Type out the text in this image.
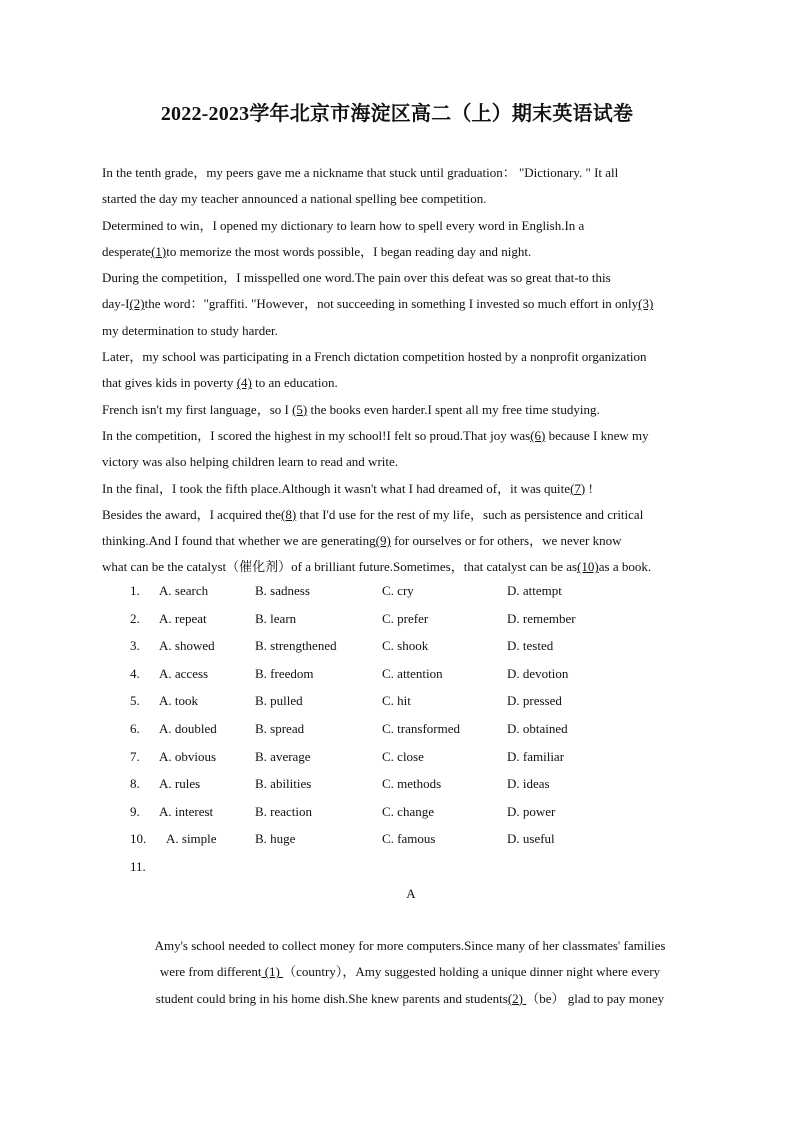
2022-2023学年北京市海淀区高二（上）期末英语试卷
In the tenth grade，my peers gave me a nickname that stuck until graduation： "Dictionary. " It all
started the day my teacher announced a national spelling bee competition.
Determined to win，I opened my dictionary to learn how to spell every word in English.In a
desperate(1)to memorize the most words possible，I began reading day and night.
During the competition，I misspelled one word.The pain over this defeat was so great that-to this
day-I(2)the word："graffiti. "However，not succeeding in something I invested so much effort in only(3)
my determination to study harder.
Later，my school was participating in a French dictation competition hosted by a nonprofit organization
that gives kids in poverty (4) to an education.
French isn't my first language，so I (5) the books even harder.I spent all my free time studying.
In the competition，I scored the highest in my school!I felt so proud.That joy was(6) because I knew my
victory was also helping children learn to read and write.
In the final，I took the fifth place.Although it wasn't what I had dreamed of，it was quite(7) !
Besides the award，I acquired the(8) that I'd use for the rest of my life，such as persistence and critical
thinking.And I found that whether we are generating(9) for ourselves or for others，we never know
what can be the catalyst（催化剂）of a brilliant future.Sometimes，that catalyst can be as(10)as a book.
1. A. search	B. sadness	C. cry	D. attempt
2. A. repeat	B. learn	C. prefer	D. remember
3. A. showed	B. strengthened	C. shook	D. tested
4. A. access	B. freedom	C. attention	D. devotion
5. A. took	B. pulled	C. hit	D. pressed
6. A. doubled	B. spread	C. transformed	D. obtained
7. A. obvious	B. average	C. close	D. familiar
8. A. rules	B. abilities	C. methods	D. ideas
9. A. interest	B. reaction	C. change	D. power
10. A. simple	B. huge	C. famous	D. useful
11.
A
Amy's school needed to collect money for more computers.Since many of her classmates' families
were from different (1) （country），Amy suggested holding a unique dinner night where every
student could bring in his home dish.She knew parents and students(2) （be） glad to pay money
